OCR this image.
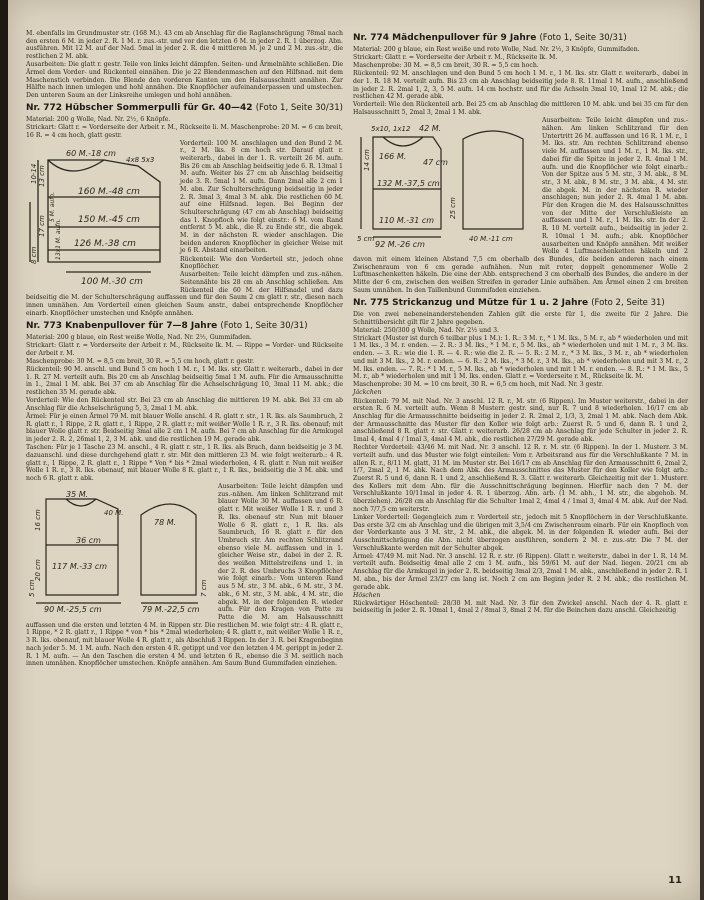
M. ebenfalls im Grundmuster str. (168 M.). 43 cm ab Anschlag für die Raglanschrägung 78mal nach den ersten 6 M. in jeder 2. R. 1 M. r. zus.-str. und vor den letzten 6 M. in jeder 2. R. 1 überzog. Abn. ausführen. Mit 12 M. auf der Nad. 5mal in jeder 2. R. die 4 mittleren M. je 2 und 2 M. zus.-str., die restlichen 2 M. abk.

Ausarbeiten: Die glatt r. gestr. Teile von links leicht dämpfen. Seiten- und Ärmelnähte schließen. Die Ärmel dem Vorder- und Rückenteil einnähen. Die je 22 Blendenmaschen auf den Hilfsnad. mit dem Maschenstich verbinden. Die Blende den vorderen Kanten um den Halsausschnitt annähen. Zur Hälfte nach innen umlegen und hohl annähen. Die Knopflöcher aufeinanderpassen und umstechen. Den unteren Saum an der Linksreihe umlegen und hohl annähen.

Nr. 772 Hübscher Sommerpulli für Gr. 40—42 (Foto 1, Seite 30/31)

Material: 200 g Wolle, Nad. Nr. 2½, 6 Knöpfe.

Strickart: Glatt r. = Vorderseite der Arbeit r. M., Rückseite li. M. Maschenprobe: 20 M. = 6 cm breit, 16 R. = 4 cm hoch, glatt gestr.

60 M.-18 cm
4x8 5x3
160 M.-48 cm
150 M.-45 cm
126 M.-38 cm
100 M.-30 cm
13 cm
17 cm
8 cm
10-14
5 M. aufn.
13x1 M. aufn.

Vorderteil: 100 M. anschlagen und den Bund 2 M. r., 2 M. lks. 8 cm hoch str. Darauf glatt r. weiterarb., dabei in der 1. R. verteilt 26 M. aufn. Bis 26 cm ab Anschlag beidseitig jede 6. R. 13mal 1 M. aufn. Weiter bis 27 cm ab Anschlag beidseitig jede 3. R. 5mal 1 M. aufn. Dann 2mal alle 2 cm 1 M. abn. Zur Schulterschrägung beidseitig in jeder 2. R. 3mal 3, 4mal 3 M. abk. Die restlichen 60 M. auf eine Hilfsnad. legen. Bei Beginn der Schulterschrägung (47 cm ab Anschlag) beidseitig das 1. Knopfloch wie folgt einstr.: 6 M. vom Rand entfernt 5 M. abk., die R. zu Ende str., die abgek. M. in der nächsten R. wieder anschlagen. Die beiden anderen Knopflöcher in gleicher Weise mit je 6 R. Abstand einarbeiten.

Rückenteil: Wie den Vorderteil str., jedoch ohne Knopflöcher.

Ausarbeiten: Teile leicht dämpfen und zus.-nähen. Seitennähte bis 28 cm ab Anschlag schließen. Am Rückenteil die 60 M. der Hilfsnadel und dazu beidseitig die M. der Schulterschrägung auffassen und für den Saum 2 cm glatt r. str., diesen nach innen umnähen. Am Vorderteil einen gleichen Saum anstr., dabei entsprechende Knopflöcher einarb. Knopflöcher umstechen und Knöpfe annähen.

Nr. 773 Knabenpullover für 7—8 Jahre (Foto 1, Seite 30/31)

Material: 200 g blaue, ein Rest weiße Wolle, Nad. Nr. 2½, Gummifaden.

Strickart: Glatt r. = Vorderseite der Arbeit r. M., Rückseite lk. M. — Rippe = Vorder- und Rückseite der Arbeit r. M.

Maschenprobe: 30 M. = 8,5 cm breit, 30 R. = 5,5 cm hoch, glatt r. gestr.

Rückenteil: 90 M. anschl. und Bund 5 cm hoch 1 M. r., 1 M. lks. str. Glatt r. weiterarb., dabei in der 1. R. 27 M. verteilt aufn. Bis 20 cm ab Anschlag beidseitig 5mal 1 M. aufn. Für die Armausschnitte in 1., 2mal 1 M. abk. Bei 37 cm ab Anschlag für die Achselschrägung 10, 3mal 11 M. abk.; die restlichen 35 M. gerade abk.

Vorderteil: Wie den Rückenteil str. Bei 23 cm ab Anschlag die mittleren 19 M. abk. Bei 33 cm ab Anschlag für die Achselschrägung 5, 3, 2mal 1 M. abk.

Ärmel: Für je einen Ärmel 79 M. mit blauer Wolle anschl. 4 R. glatt r. str., 1 R. lks. als Saumbruch, 2 R. glatt r., 1 Rippe, 2 R. glatt r., 1 Rippe, 2 R. glatt r.; mit weißer Wolle 1 R. r., 3 R. lks. obenauf; mit blauer Wolle glatt r. str. Beidseitig 3mal alle 2 cm 1 M. aufn. Bei 7 cm ab Anschlag für die Armkugel in jeder 2. R. 2, 26mal 1, 2, 3 M. abk. und die restlichen 19 M. gerade abk.

Taschen: Für je 1 Tasche 23 M. anschl., 4 R. glatt r. str., 1 R. lks. als Bruch, dann beidseitig je 3 M. dazuanschl. und diese durchgehend glatt r. str. Mit den mittleren 23 M. wie folgt weiterarb.: 4 R. glatt r., 1 Rippe, 2 R. glatt r., 1 Rippe * Von * bis * 2mal wiederholen, 4 R. glatt r. Nun mit weißer Wolle 1 R. r., 3 R. lks. obenauf, mit blauer Wolle 8 R. glatt r., 1 R. lks., beidseitig die 3 M. abk. und noch 6 R. glatt r. abk.

35 M.
40 M.
117 M.-33 cm
90 M.-25,5 cm
36 cm
16 cm
20 cm
5 cm
78 M.
79 M.-22,5 cm
7 cm

Ausarbeiten: Teile leicht dämpfen und zus.-nähen. Am linken Schlitzrand mit blauer Wolle 30 M. auffassen und 6 R. glatt r. Mit weißer Wolle 1 R. r. und 3 R. lks. obenauf str. Nun mit blauer Wolle 6 R. glatt r., 1 R. lks. als Saumbruch, 16 R. glatt r. für den Umbruch str. Am rechten Schlitzrand ebenso viele M. auffassen und in 1. gleicher Weise str., dabei in der 2. R. des weißen Mittelstreifens und 1. in der 2. R. des Umbruchs 3 Knopflöcher wie folgt einarb.: Vom unteren Rand aus 5 M. str., 3 M. abk., 6 M. str., 3 M. abk., 6 M. str., 3 M. abk., 4 M. str., die abgek. M. in der folgenden R. wieder aufn. Für den Kragen von Patte zu Patte die M. am Halsausschnitt auffassen und die ersten und letzten 4 M. in Rippen str. Die restlichen M. wie folgt str.: 4 R. glatt r., 1 Rippe, * 2 R. glatt r., 1 Rippe * von * bis * 2mal wiederholen; 4 R. glatt r., mit weißer Wolle 1 R. r., 3 R. lks. obenauf, mit blauer Wolle 4 R. glatt r., als Abschluß 3 Rippen. In der 3. R. bei Kragenbeginn nach jeder 5. M. 1 M. aufn. Nach den ersten 4 R. getippt und vor den letzten 4 M. gerippt in jeder 2. R. 1 M. aufn. — An den Taschen die ersten 4 M. und letzten 6 R., ebenso die 3 M. seitlich nach innen umnähen. Knopflöcher umstechen. Knöpfe annähen. Am Saum Bund Gummifaden einziehen.

Nr. 774 Mädchenpullover für 9 Jahre (Foto 1, Seite 30/31)

Material: 200 g blaue, ein Rest weiße und rote Wolle, Nad. Nr. 2½, 3 Knöpfe, Gummifaden.

Strickart: Glatt r. = Vorderseite der Arbeit r. M., Rückseite lk. M.

Maschenprobe: 30 M. = 8,5 cm breit, 30 R. = 5,5 cm hoch.

Rückenteil: 92 M. anschlagen und den Bund 5 cm hoch 1 M. r., 1 M. lks. str. Glatt r. weiterarb., dabei in der 1. R. 18 M. verteilt aufn. Bis 23 cm ab Anschlag beidseitig jede 8. R. 11mal 1 M. aufn., anschließend in jeder 2. R. 2mal 1, 2, 3, 5 M. aufn. 14 cm hochstr. und für die Achseln 3mal 10, 1mal 12 M. abk.; die restlichen 42 M. gerade abk.

Vorderteil: Wie den Rückenteil arb. Bei 25 cm ab Anschlag die mittleren 10 M. abk. und bei 35 cm für den Halsausschnitt 5, 2mal 3, 2mal 1 M. abk.

5x10, 1x12 42 M.
166 M.
132 M.-37,5 cm
110 M.-31 cm
92 M.-26 cm
47 cm
14 cm
5 cm
25 cm
40 M.-11 cm

Ausarbeiten: Teile leicht dämpfen und zus.-nähen. Am linken Schlitzrand für den Untertritt 26 M. auffassen und 16 R. 1 M. r., 1 M. lks. str. Am rechten Schlitzrand ebenso viele M. auffassen und 1 M. r., 1 M. lks. str., dabei für die Spitze in jeder 2. R. 4mal 1 M. aufn. und die Knopflöcher wie folgt einarb.: Von der Spitze aus 5 M. str., 3 M. abk., 8 M. str., 3 M. abk., 8 M. str., 3 M. abk., 4 M. str. die abgek. M. in der nächsten R. wieder anschlagen; nun jeder 2. R. 4mal 1 M. abn. Für den Kragen die M. des Halsausschnittes von der Mitte der Verschlußleiste an auffassen und 1 M. r., 1 M. lks. str. In der 2. R. 10 M. verteilt aufn., beidseitig in jeder 2. R. 10mal 1 M. aufn.; abk. Knopflöcher ausarbeiten und Knöpfe annähen. Mit weißer Wolle 4 Luftmaschenketten häkeln und 2 davon mit einem kleinen Abstand 7,5 cm oberhalb des Bundes, die beiden anderen nach einem Zwischenraum von 6 cm gerade aufnähen. Nun mit roter, doppelt genommener Wolle 2 Luftmaschenketten häkeln. Die eine der Abb. entsprechend 3 cm oberhalb des Bundes, die andere in der Mitte der 6 cm, zwischen den weißen Streifen in gerader Linie aufnähen. Am Ärmel einen 2 cm breiten Saum umnähen. In den Taillenbund Gummifaden einziehen.

Nr. 775 Strickanzug und Mütze für 1 u. 2 Jahre (Foto 2, Seite 31)

Die von zwei nebeneinanderstehenden Zahlen gilt die erste für 1, die zweite für 2 Jahre. Die Schnittübersicht gilt für 2 Jahre gegeben.

Material: 250/300 g Wolle, Nad. Nr. 2½ und 3.

Strickart (Muster ist durch 6 teilbar plus 1 M.): 1. R.: 3 M. r., * 1 M. lks., 5 M. r., ab * wiederholen und mit 1 M. lks., 3 M. r. enden. — 2. R.: 3 M. lks., * 1 M. r., 5 M. lks., ab * wiederholen und mit 1 M. r., 3 M. lks. enden. — 3. R.: wie die 1. R. — 4. R.: wie die 2. R. — 5. R.: 2 M. r., * 3 M. lks., 3 M. r., ab * wiederholen und mit 3 M. lks., 2 M. r. enden. — 6. R.: 2 M. lks., * 3 M. r., 3 M. lks., ab * wiederholen und mit 3 M. r., 2 M. lks. enden. — 7. R.: * 1 M. r., 5 M. lks., ab * wiederholen und mit 1 M. r. enden. — 8. R.: * 1 M. lks., 5 M. r., ab * wiederholen und mit 1 M. lks. enden. Glatt r. = Vorderseite r. M., Rückseite lk. M.

Maschenprobe: 30 M. = 10 cm breit, 30 R. = 6,5 cm hoch, mit Nad. Nr. 3 gestr.

Jäckchen

Rückenteil: 79 M. mit Nad. Nr. 3 anschl. 12 R. r., M. str. (6 Rippen). Im Muster weiterstr., dabei in der ersten R. 6 M. verteilt aufn. Wenn 8 Musterr. gestr. sind, nur R. 7 und 8 wiederholen. 16/17 cm ab Anschlag für die Armausschnitte beidseitig in jeder 2. R. 2mal 2, 1/3, 3, 2mal 1 M. abk. Nach dem Abk. der Armausschnitte das Muster für den Koller wie folgt arb.: Zuerst R. 5 und 6, dann R. 1 und 2, anschließend 8 R. glatt r. str. Glatt r. weiterarb. 26/28 cm ab Anschlag für jede Schulter in jeder 2. R. 1mal 4, 4mal 4 / 1mal 3, 4mal 4 M. abk., die restlichen 27/29 M. gerade abk.

Rechter Vorderteil: 43/46 M. mit Nad. Nr. 3 anschl. 12 R. r. M. str. (6 Rippen). In der 1. Musterr. 3 M. verteilt aufn. und das Muster wie folgt einteilen: Vom r. Arbeitsrand aus für die Verschlußkante 7 M. in allen R. r., 8/11 M. glatt, 31 M. im Muster str. Bei 16/17 cm ab Anschlag für den Armausschnitt 6, 2mal 2, 1/7, 2mal 2, 1 M. abk. Nach dem Abk. des Armausschnittes das Muster für den Koller wie folgt arb.: Zuerst R. 5 und 6, dann R. 1 und 2, anschließend R. 3. Glatt r. weiterarb. Gleichzeitig mit der 1. Musterr. des Kollers mit dem Abn. für die Ausschnittschrägung beginnen. Hierfür nach den 7 M. der Verschlußkante 10/11mal in jeder 4. R. 1 überzog. Abn. arb. (1 M. abh., 1 M. str., die abgehob. M. überziehen). 26/28 cm ab Anschlag für die Schulter 1mal 2, 4mal 4 / 1mal 3, 4mal 4 M. abk. Auf der Nad. noch 7/7,5 cm weiterstr.

Linker Vorderteil: Gegengleich zum r. Vorderteil str., jedoch mit 5 Knopflöchern in der Verschlußkante. Das erste 3/2 cm ab Anschlag und die übrigen mit 3,5/4 cm Zwischenraum einarb. Für ein Knopfloch von der Vorderkante aus 3 M. str., 2 M. abk., die abgek. M. in der folgenden R. wieder aufn. Bei der Ausschnittschrägung die Abn. nicht überzogen ausführen, sondern 2 M. r. zus.-str. Die 7 M. der Verschlußkante werden mit der Schulter abgek.

Ärmel: 47/49 M. mit Nad. Nr. 3 anschl. 12 R. r. str. (6 Rippen). Glatt r. weiterstr., dabei in der 1. R. 14 M. verteilt aufn. Beidseitig 4mal alle 2 cm 1 M. aufn., bis 59/61 M. auf der Nad. liegen. 20/21 cm ab Anschlag für die Armkugel in jeder 2. R. beidseitig 3mal 2/3, 2mal 1 M. abk., anschließend in jeder 2. R. 1 M. abn., bis der Ärmel 23/27 cm lang ist. Noch 2 cm am Beginn jeder R. 2 M. abk.; die restlichen M. gerade abk.

Höschen

Rückwärtiger Höschenteil: 28/30 M. mit Nad. Nr. 3 für den Zwickel anschl. Nach der 4. R. glatt r. beidseitig in jeder 2. R. 10mal 1, 4mal 2 / 8mal 3, 8mal 2 M. für die Beinchen dazu anschl. Gleichzeitig

11
